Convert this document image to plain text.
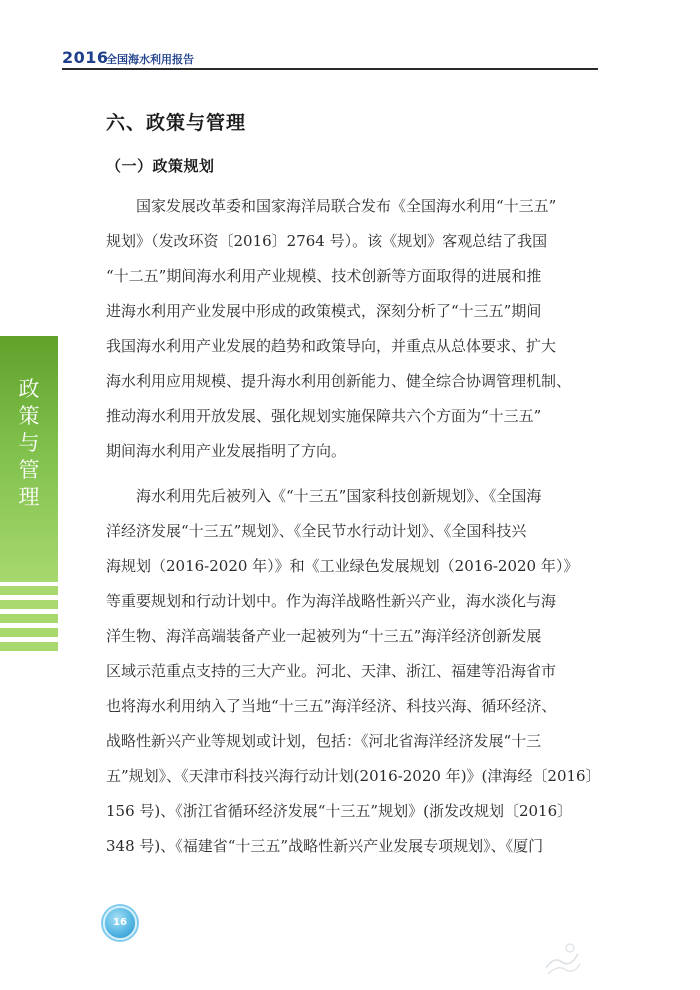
2016
全国海水利用报告
政
策
与
管
理
六、政策与管理
（一）政策规划
　　国家发展改革委和国家海洋局联合发布《全国海水利用“十三五”
规划》（发改环资〔2016〕2764 号）。该《规划》客观总结了我国
“十二五”期间海水利用产业规模、技术创新等方面取得的进展和推
进海水利用产业发展中形成的政策模式，深刻分析了“十三五”期间
我国海水利用产业发展的趋势和政策导向，并重点从总体要求、扩大
海水利用应用规模、提升海水利用创新能力、健全综合协调管理机制、
推动海水利用开放发展、强化规划实施保障共六个方面为“十三五”
期间海水利用产业发展指明了方向。
　　海水利用先后被列入《“十三五”国家科技创新规划》、《全国海
洋经济发展“十三五”规划》、《全民节水行动计划》、《全国科技兴
海规划（2016-2020 年）》和《工业绿色发展规划（2016-2020 年）》
等重要规划和行动计划中。作为海洋战略性新兴产业，海水淡化与海
洋生物、海洋高端装备产业一起被列为“十三五”海洋经济创新发展
区域示范重点支持的三大产业。河北、天津、浙江、福建等沿海省市
也将海水利用纳入了当地“十三五”海洋经济、科技兴海、循环经济、
战略性新兴产业等规划或计划，包括：《河北省海洋经济发展“十三
五”规划》、《天津市科技兴海行动计划(2016-2020 年)》(津海经〔2016〕
156 号)、《浙江省循环经济发展“十三五”规划》(浙发改规划〔2016〕
348 号)、《福建省“十三五”战略性新兴产业发展专项规划》、《厦门
16
